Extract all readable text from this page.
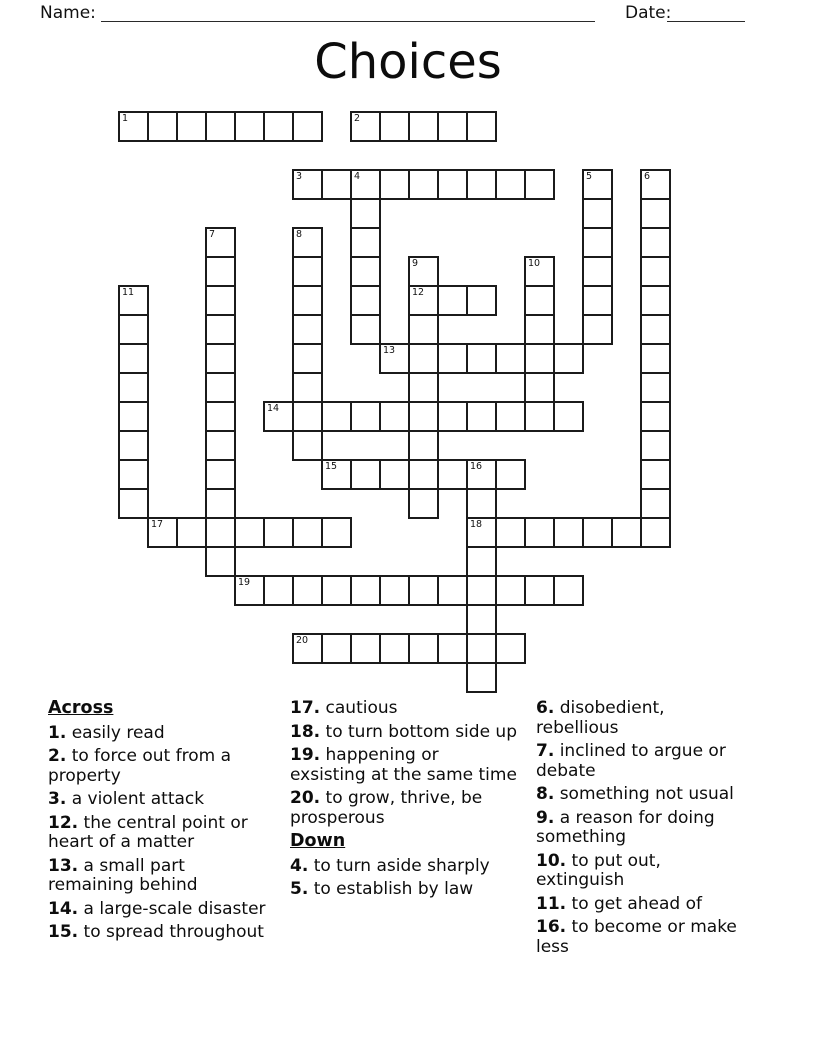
Name:	Date:
Choices
1	2
3	4	5	6
7	8
9
12
10
11
13
14
15	16
18
17
19
20
Across
1. easily read
2. to force out from a property
3. a violent attack
12. the central point or heart of a matter
13. a small part remaining behind
14. a large-scale disaster
15. to spread throughout
17. cautious
18. to turn bottom side up
19. happening or exsisting at the same time
20. to grow, thrive, be prosperous
Down
4. to turn aside sharply
5. to establish by law
6. disobedient, rebellious
7. inclined to argue or debate
8. something not usual
9. a reason for doing something
10. to put out, extinguish
11. to get ahead of
16. to become or make less
